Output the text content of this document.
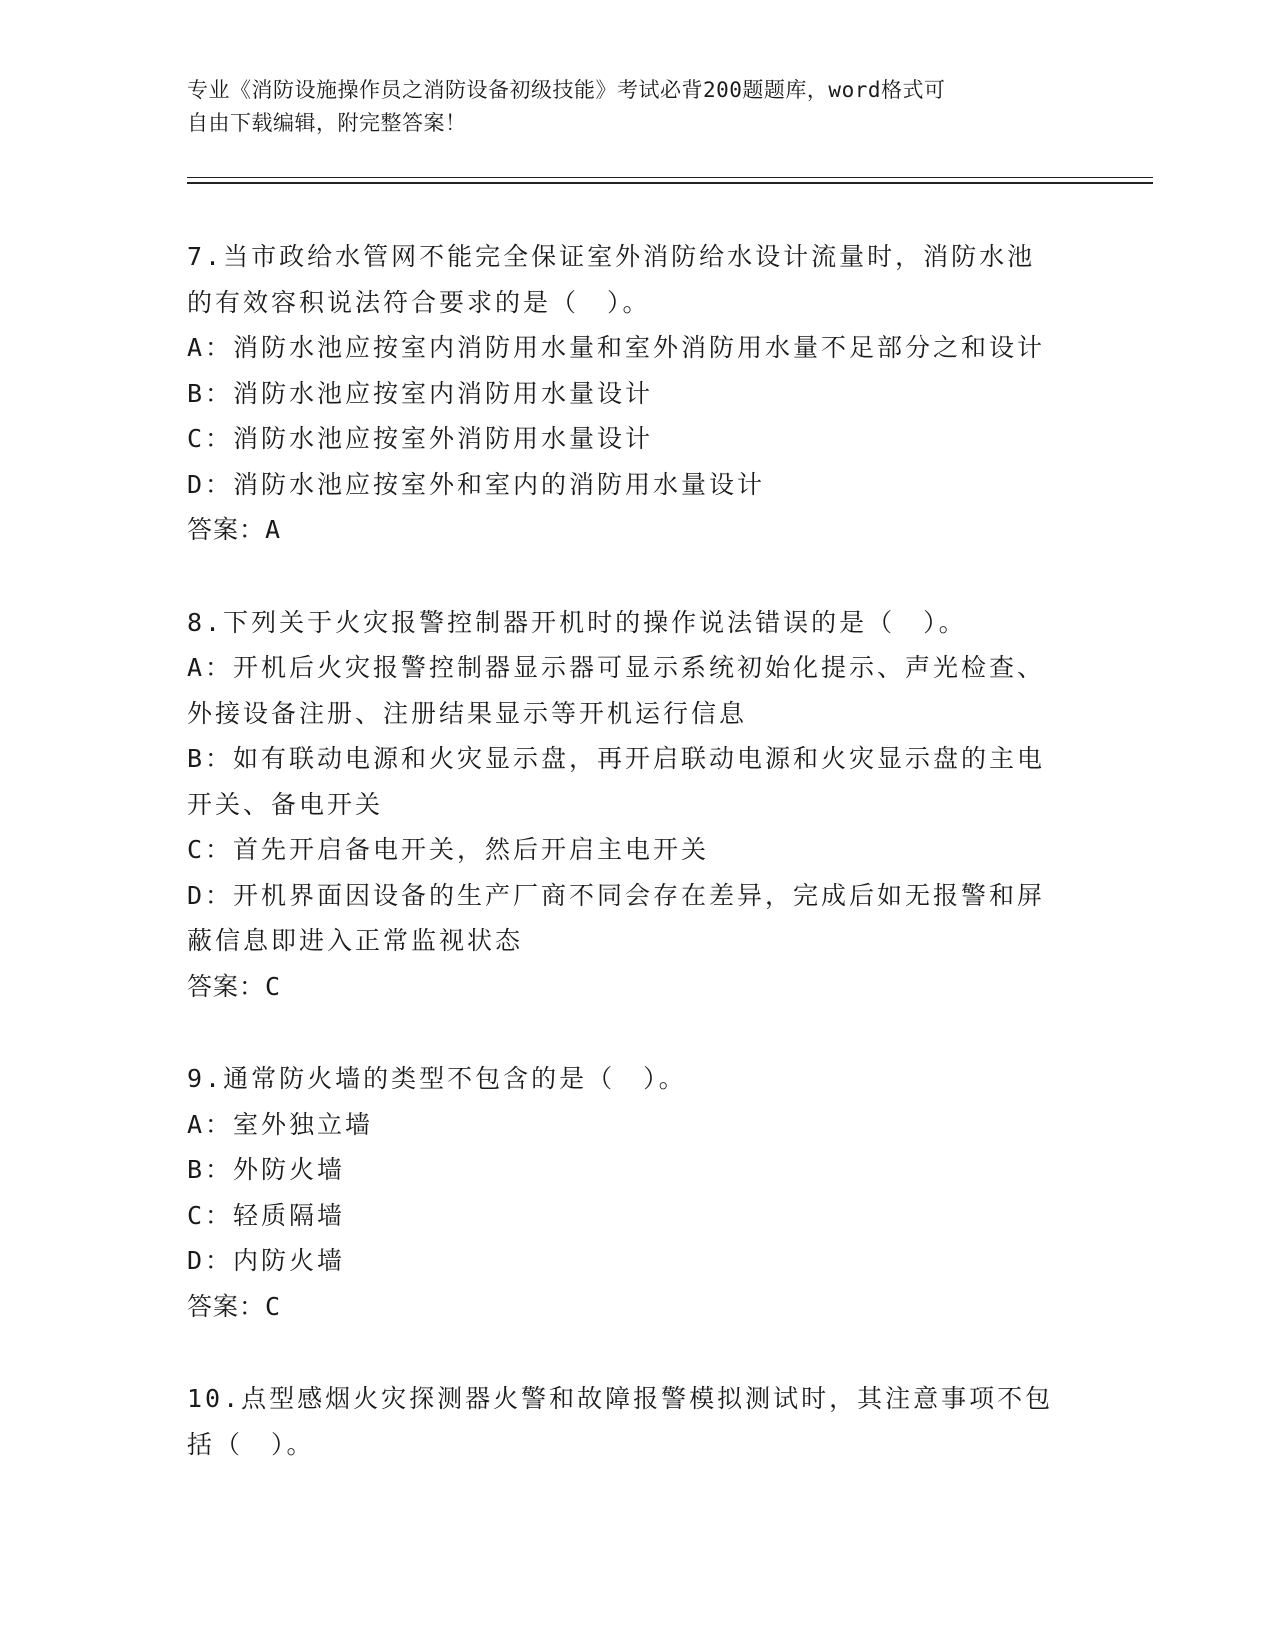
专业《消防设施操作员之消防设备初级技能》考试必背200题题库，word格式可
自由下载编辑，附完整答案！
7.当市政给水管网不能完全保证室外消防给水设计流量时，消防水池
的有效容积说法符合要求的是（　）。
A：消防水池应按室内消防用水量和室外消防用水量不足部分之和设计
B：消防水池应按室内消防用水量设计
C：消防水池应按室外消防用水量设计
D：消防水池应按室外和室内的消防用水量设计
答案：A
8.下列关于火灾报警控制器开机时的操作说法错误的是（　）。
A：开机后火灾报警控制器显示器可显示系统初始化提示、声光检查、
外接设备注册、注册结果显示等开机运行信息
B：如有联动电源和火灾显示盘，再开启联动电源和火灾显示盘的主电
开关、备电开关
C：首先开启备电开关，然后开启主电开关
D：开机界面因设备的生产厂商不同会存在差异，完成后如无报警和屏
蔽信息即进入正常监视状态
答案：C
9.通常防火墙的类型不包含的是（　）。
A：室外独立墙
B：外防火墙
C：轻质隔墙
D：内防火墙
答案：C
10.点型感烟火灾探测器火警和故障报警模拟测试时，其注意事项不包
括（　）。
